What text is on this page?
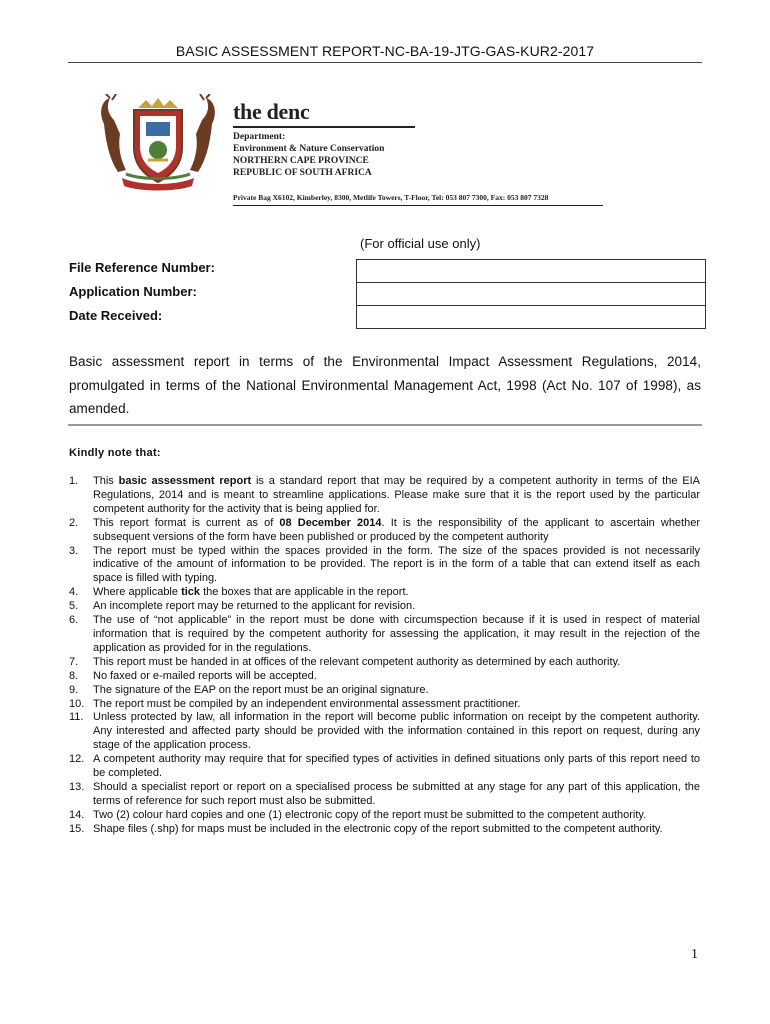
BASIC ASSESSMENT REPORT-NC-BA-19-JTG-GAS-KUR2-2017
the denc
Department:
Environment & Nature Conservation
NORTHERN CAPE PROVINCE
REPUBLIC OF SOUTH AFRICA
Private Bag X6102, Kimberley, 8300, Metlife Towers, T-Floor, Tel: 053 807 7300, Fax: 053 807 7328
(For official use only)
File Reference Number:
Application Number:
Date Received:

Basic assessment report in terms of the Environmental Impact Assessment Regulations, 2014, promulgated in terms of the National Environmental Management Act, 1998 (Act No. 107 of 1998), as amended.
Kindly note that:
1.	This basic assessment report is a standard report that may be required by a competent authority in terms of the EIA Regulations, 2014 and is meant to streamline applications. Please make sure that it is the report used by the particular competent authority for the activity that is being applied for.
2.	This report format is current as of 08 December 2014. It is the responsibility of the applicant to ascertain whether subsequent versions of the form have been published or produced by the competent authority
3.	The report must be typed within the spaces provided in the form. The size of the spaces provided is not necessarily indicative of the amount of information to be provided. The report is in the form of a table that can extend itself as each space is filled with typing.
4.	Where applicable tick the boxes that are applicable in the report.
5.	An incomplete report may be returned to the applicant for revision.
6.	The use of “not applicable” in the report must be done with circumspection because if it is used in respect of material information that is required by the competent authority for assessing the application, it may result in the rejection of the application as provided for in the regulations.
7.	This report must be handed in at offices of the relevant competent authority as determined by each authority.
8.	No faxed or e-mailed reports will be accepted.
9.	The signature of the EAP on the report must be an original signature.
10. The report must be compiled by an independent environmental assessment practitioner.
11. Unless protected by law, all information in the report will become public information on receipt by the competent authority. Any interested and affected party should be provided with the information contained in this report on request, during any stage of the application process.
12. A competent authority may require that for specified types of activities in defined situations only parts of this report need to be completed.
13. Should a specialist report or report on a specialised process be submitted at any stage for any part of this application, the terms of reference for such report must also be submitted.
14. Two (2) colour hard copies and one (1) electronic copy of the report must be submitted to the competent authority.
15. Shape files (.shp) for maps must be included in the electronic copy of the report submitted to the competent authority.
1
